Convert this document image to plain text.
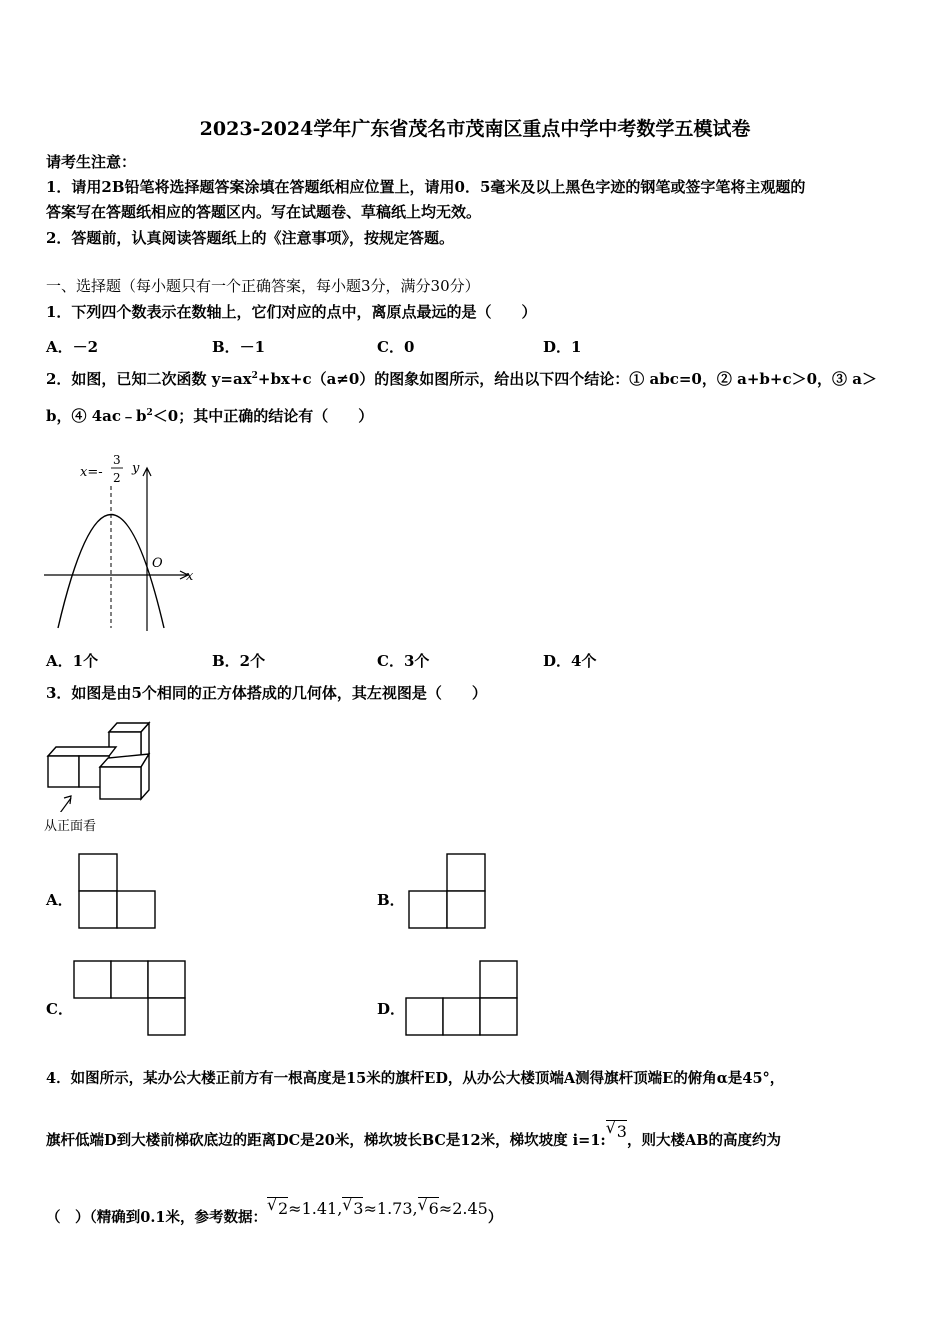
2023-2024学年广东省茂名市茂南区重点中学中考数学五模试卷
请考生注意：
1．请用2B铅笔将选择题答案涂填在答题纸相应位置上，请用0．5毫米及以上黑色字迹的钢笔或签字笔将主观题的
答案写在答题纸相应的答题区内。写在试题卷、草稿纸上均无效。
2．答题前，认真阅读答题纸上的《注意事项》，按规定答题。
一、选择题（每小题只有一个正确答案，每小题3分，满分30分）
1．下列四个数表示在数轴上，它们对应的点中，离原点最远的是（　　）
A．－2	B．－1	C．0	D．1
2．如图，已知二次函数 $y=ax^2+bx+c(a\ne 0)$的图象如图所示，给出以下四个结论：① abc=0，② a+b+c＞0，③ a＞
b，④ $4ac﹣b^2<0$；其中正确的结论有（　　）
x=-
3
2
y
x
O
A．1个	B．2个	C．3个	D．4个
3．如图是由5个相同的正方体搭成的几何体，其左视图是（　　）
从正面看
A．	B．
C．	D．
4．如图所示，某办公大楼正前方有一根高度是15米的旗杆ED，从办公大楼顶端A测得旗杆顶端E的俯角α是45°，
旗杆低端D到大楼前梯砍底边的距离DC是20米，梯坎坡长BC是12米，梯坎坡度 i=1: √ 3，则大楼AB的高度约为
（　）（精确到0.1米，参考数据： √ 2≈1.41, √ 3≈1.73, √ 6≈2.45）
